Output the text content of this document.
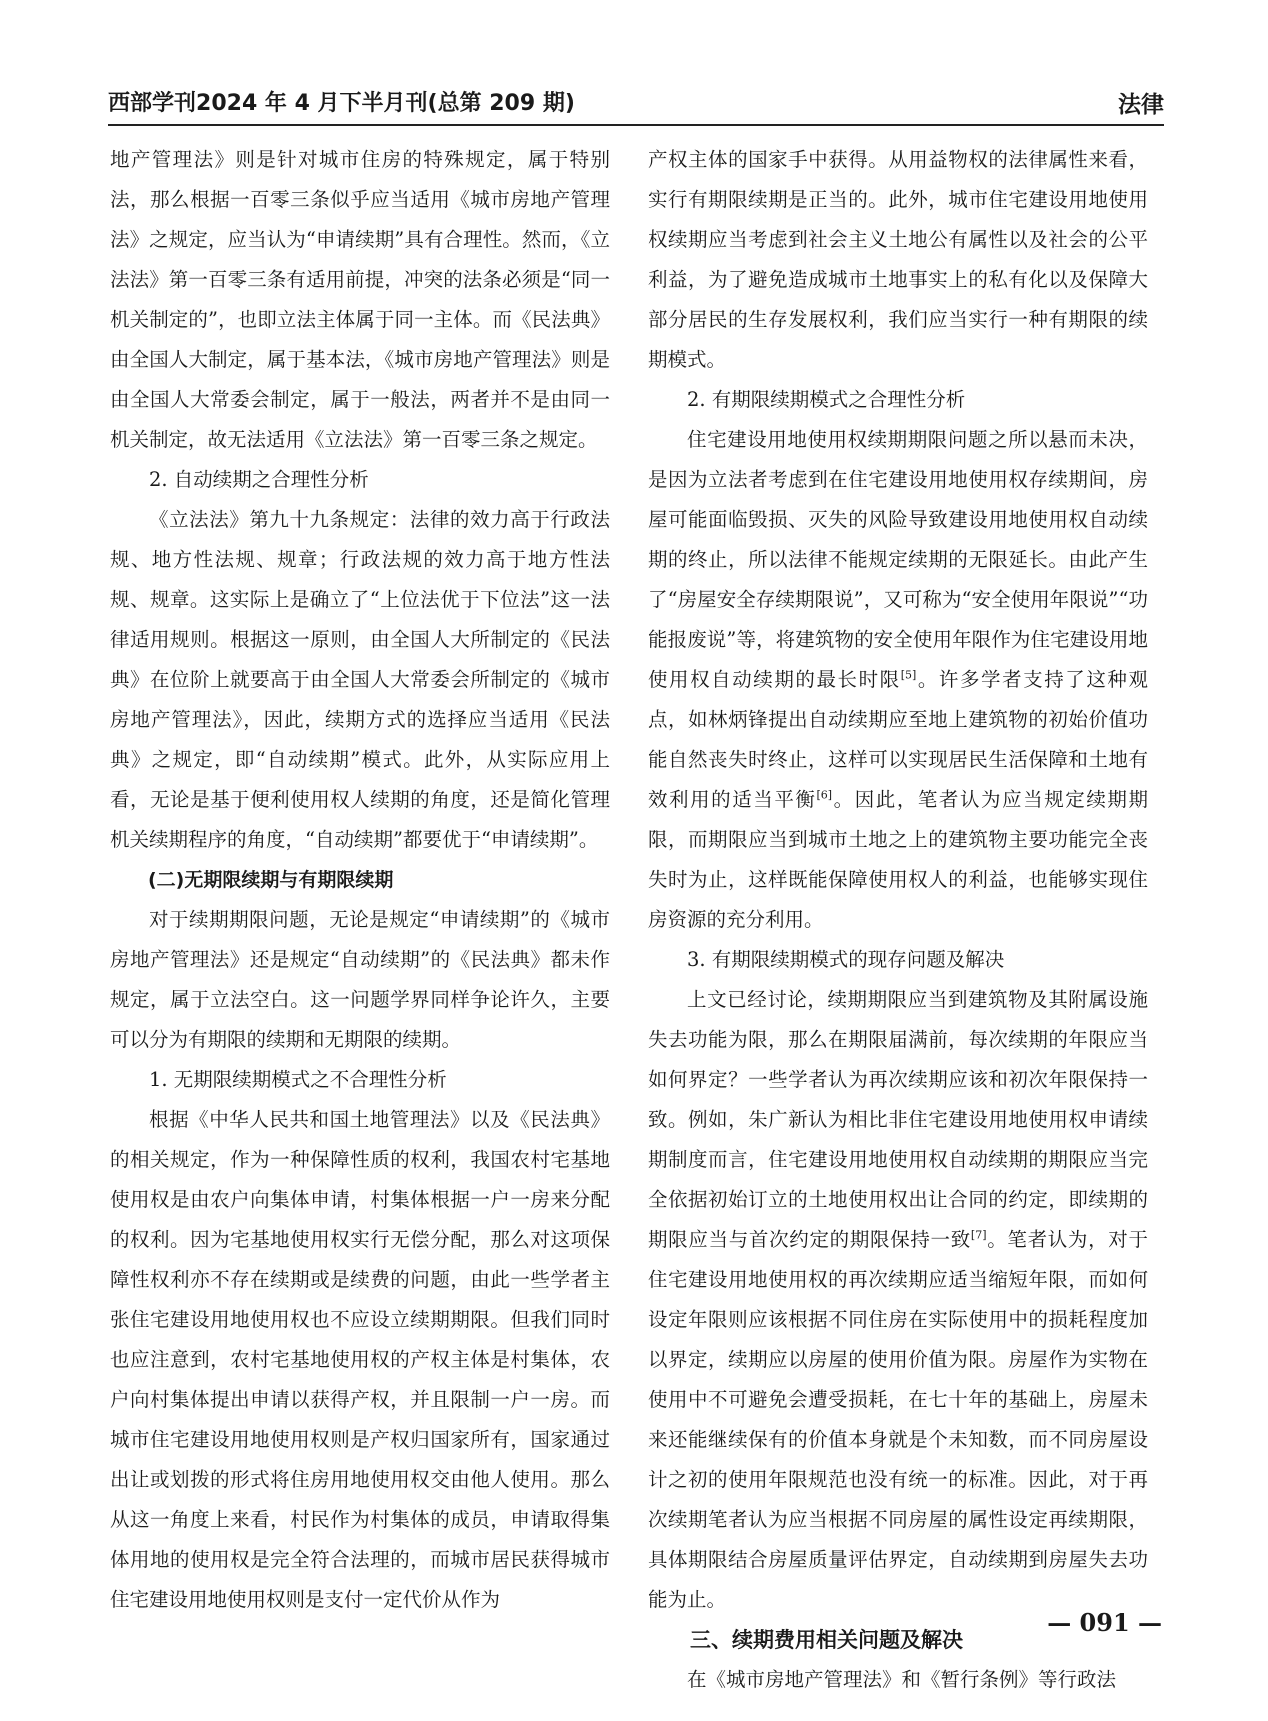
西部学刊2024 年 4 月下半月刊(总第 209 期)	法律

地产管理法》则是针对城市住房的特殊规定，属于特别法，那么根据一百零三条似乎应当适用《城市房地产管理法》之规定，应当认为“申请续期”具有合理性。然而，《立法法》第一百零三条有适用前提，冲突的法条必须是“同一机关制定的”，也即立法主体属于同一主体。而《民法典》由全国人大制定，属于基本法，《城市房地产管理法》则是由全国人大常委会制定，属于一般法，两者并不是由同一机关制定，故无法适用《立法法》第一百零三条之规定。

2. 自动续期之合理性分析

《立法法》第九十九条规定：法律的效力高于行政法规、地方性法规、规章；行政法规的效力高于地方性法规、规章。这实际上是确立了“上位法优于下位法”这一法律适用规则。根据这一原则，由全国人大所制定的《民法典》在位阶上就要高于由全国人大常委会所制定的《城市房地产管理法》，因此，续期方式的选择应当适用《民法典》之规定，即“自动续期”模式。此外，从实际应用上看，无论是基于便利使用权人续期的角度，还是简化管理机关续期程序的角度，“自动续期”都要优于“申请续期”。

(二)无期限续期与有期限续期

对于续期期限问题，无论是规定“申请续期”的《城市房地产管理法》还是规定“自动续期”的《民法典》都未作规定，属于立法空白。这一问题学界同样争论许久，主要可以分为有期限的续期和无期限的续期。

1. 无期限续期模式之不合理性分析

根据《中华人民共和国土地管理法》以及《民法典》的相关规定，作为一种保障性质的权利，我国农村宅基地使用权是由农户向集体申请，村集体根据一户一房来分配的权利。因为宅基地使用权实行无偿分配，那么对这项保障性权利亦不存在续期或是续费的问题，由此一些学者主张住宅建设用地使用权也不应设立续期期限。但我们同时也应注意到，农村宅基地使用权的产权主体是村集体，农户向村集体提出申请以获得产权，并且限制一户一房。而城市住宅建设用地使用权则是产权归国家所有，国家通过出让或划拨的形式将住房用地使用权交由他人使用。那么从这一角度上来看，村民作为村集体的成员，申请取得集体用地的使用权是完全符合法理的，而城市居民获得城市住宅建设用地使用权则是支付一定代价从作为

产权主体的国家手中获得。从用益物权的法律属性来看，实行有期限续期是正当的。此外，城市住宅建设用地使用权续期应当考虑到社会主义土地公有属性以及社会的公平利益，为了避免造成城市土地事实上的私有化以及保障大部分居民的生存发展权利，我们应当实行一种有期限的续期模式。

2. 有期限续期模式之合理性分析

住宅建设用地使用权续期期限问题之所以悬而未决，是因为立法者考虑到在住宅建设用地使用权存续期间，房屋可能面临毁损、灭失的风险导致建设用地使用权自动续期的终止，所以法律不能规定续期的无限延长。由此产生了“房屋安全存续期限说”，又可称为“安全使用年限说”“功能报废说”等，将建筑物的安全使用年限作为住宅建设用地使用权自动续期的最长时限[5]。许多学者支持了这种观点，如林炳锋提出自动续期应至地上建筑物的初始价值功能自然丧失时终止，这样可以实现居民生活保障和土地有效利用的适当平衡[6]。因此，笔者认为应当规定续期期限，而期限应当到城市土地之上的建筑物主要功能完全丧失时为止，这样既能保障使用权人的利益，也能够实现住房资源的充分利用。

3. 有期限续期模式的现存问题及解决

上文已经讨论，续期期限应当到建筑物及其附属设施失去功能为限，那么在期限届满前，每次续期的年限应当如何界定？一些学者认为再次续期应该和初次年限保持一致。例如，朱广新认为相比非住宅建设用地使用权申请续期制度而言，住宅建设用地使用权自动续期的期限应当完全依据初始订立的土地使用权出让合同的约定，即续期的期限应当与首次约定的期限保持一致[7]。笔者认为，对于住宅建设用地使用权的再次续期应适当缩短年限，而如何设定年限则应该根据不同住房在实际使用中的损耗程度加以界定，续期应以房屋的使用价值为限。房屋作为实物在使用中不可避免会遭受损耗，在七十年的基础上，房屋未来还能继续保有的价值本身就是个未知数，而不同房屋设计之初的使用年限规范也没有统一的标准。因此，对于再次续期笔者认为应当根据不同房屋的属性设定再续期限，具体期限结合房屋质量评估界定，自动续期到房屋失去功能为止。

三、续期费用相关问题及解决

在《城市房地产管理法》和《暂行条例》等行政法

— 091 —
